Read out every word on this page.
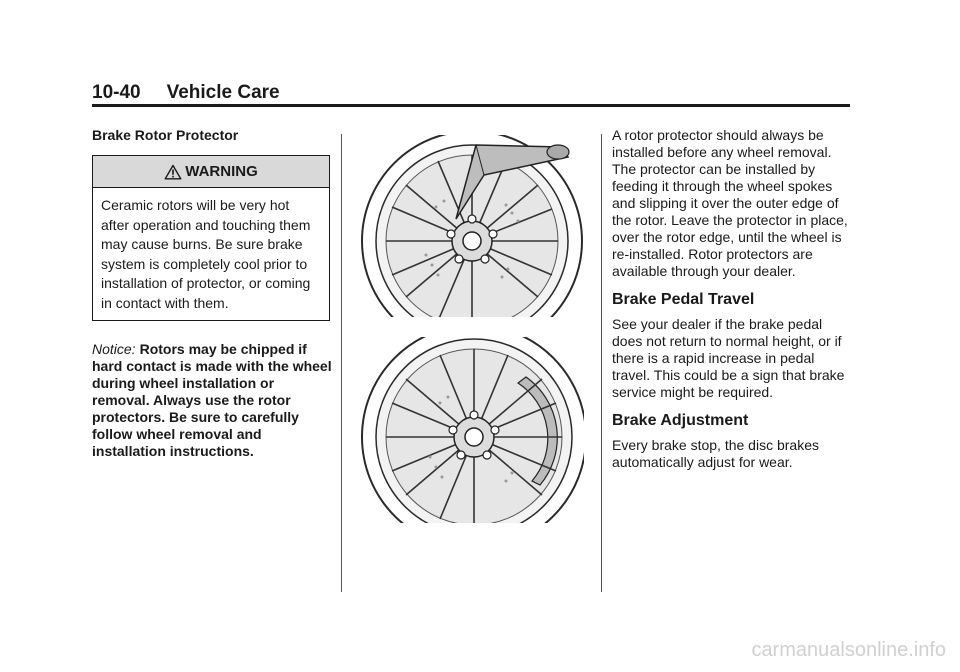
10-40 Vehicle Care
Brake Rotor Protector
WARNING
Ceramic rotors will be very hot after operation and touching them may cause burns. Be sure brake system is completely cool prior to installation of protector, or coming in contact with them.
Notice: Rotors may be chipped if hard contact is made with the wheel during wheel installation or removal. Always use the rotor protectors. Be sure to carefully follow wheel removal and installation instructions.

A rotor protector should always be installed before any wheel removal. The protector can be installed by feeding it through the wheel spokes and slipping it over the outer edge of the rotor. Leave the protector in place, over the rotor edge, until the wheel is re-installed. Rotor protectors are available through your dealer.

Brake Pedal Travel

See your dealer if the brake pedal does not return to normal height, or if there is a rapid increase in pedal travel. This could be a sign that brake service might be required.

Brake Adjustment

Every brake stop, the disc brakes automatically adjust for wear.

carmanualsonline.info
